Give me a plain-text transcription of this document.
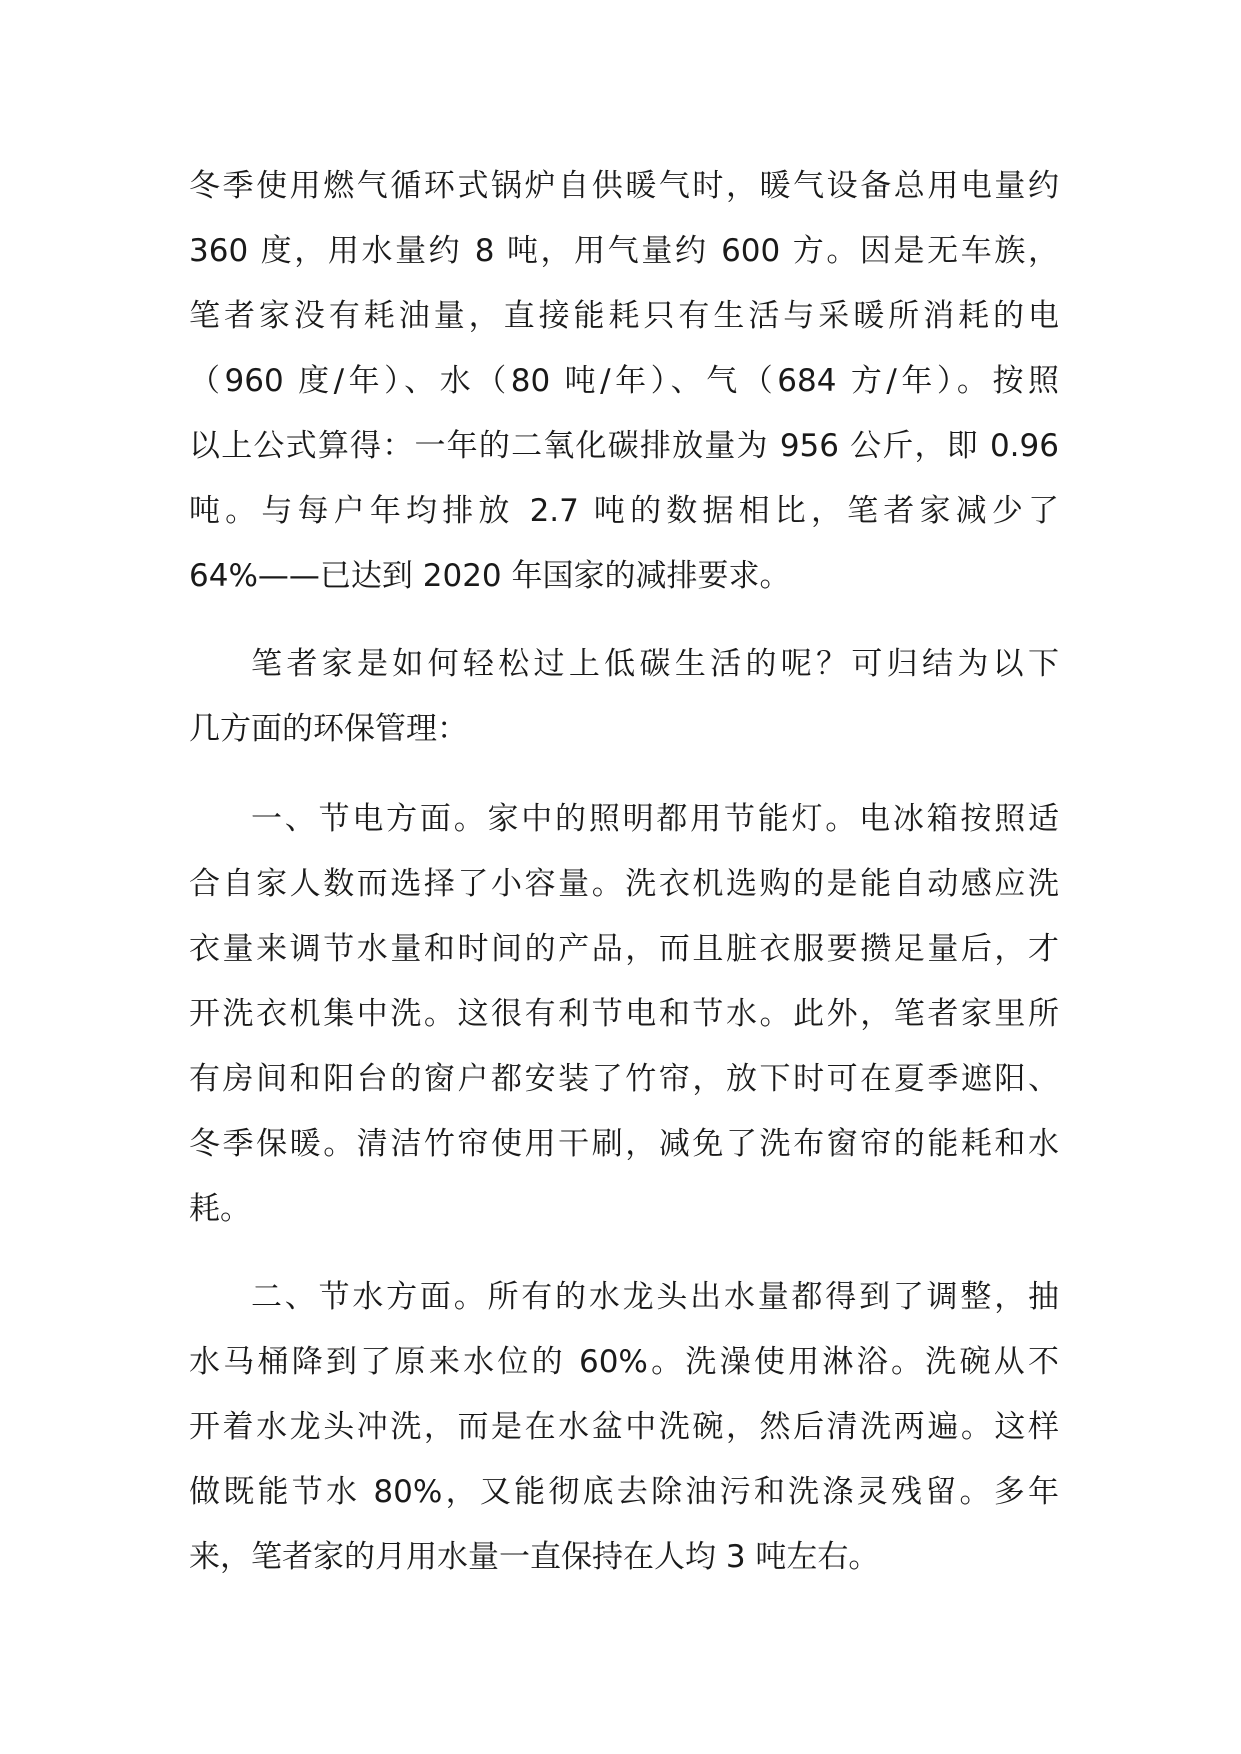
冬季使用燃气循环式锅炉自供暖气时，暖气设备总用电量约
360 度，用水量约 8 吨，用气量约 600 方。因是无车族，
笔者家没有耗油量，直接能耗只有生活与采暖所消耗的电
（960 度/年）、水（80 吨/年）、气（684 方/年）。按照
以上公式算得：一年的二氧化碳排放量为 956 公斤，即 0.96
吨。与每户年均排放 2.7 吨的数据相比，笔者家减少了
64%——已达到 2020 年国家的减排要求。
笔者家是如何轻松过上低碳生活的呢？可归结为以下
几方面的环保管理：
一、节电方面。家中的照明都用节能灯。电冰箱按照适
合自家人数而选择了小容量。洗衣机选购的是能自动感应洗
衣量来调节水量和时间的产品，而且脏衣服要攒足量后，才
开洗衣机集中洗。这很有利节电和节水。此外，笔者家里所
有房间和阳台的窗户都安装了竹帘，放下时可在夏季遮阳、
冬季保暖。清洁竹帘使用干刷，减免了洗布窗帘的能耗和水
耗。
二、节水方面。所有的水龙头出水量都得到了调整，抽
水马桶降到了原来水位的 60%。洗澡使用淋浴。洗碗从不
开着水龙头冲洗，而是在水盆中洗碗，然后清洗两遍。这样
做既能节水 80%，又能彻底去除油污和洗涤灵残留。多年
来，笔者家的月用水量一直保持在人均 3 吨左右。
